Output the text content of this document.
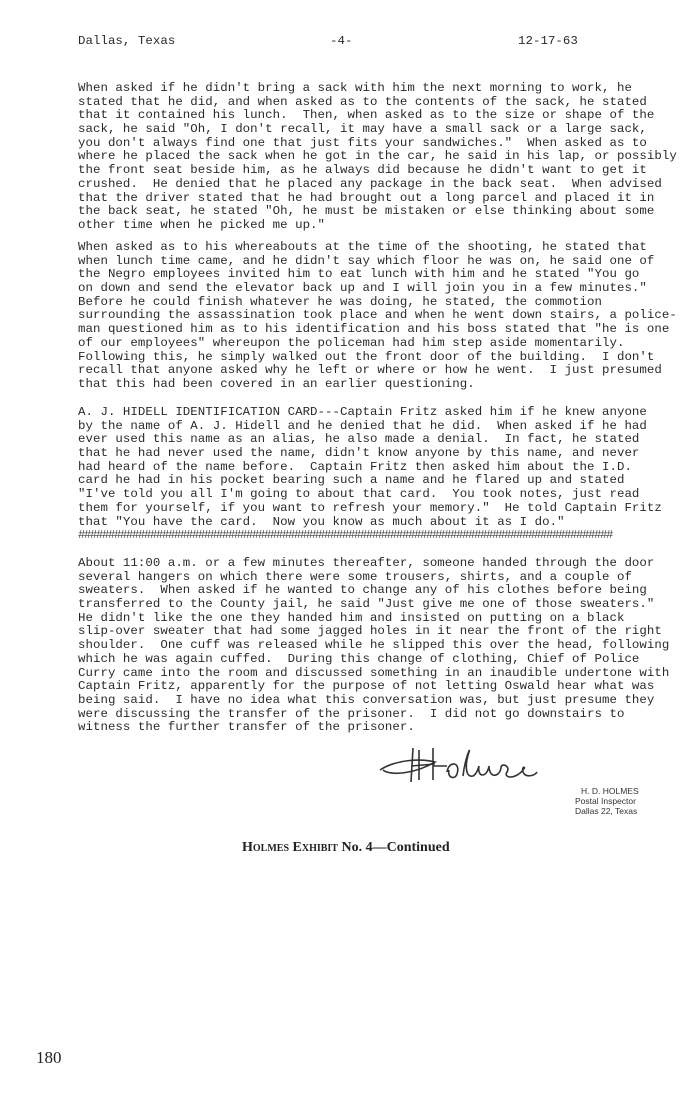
Dallas, Texas	-4-	12-17-63
When asked if he didn't bring a sack with him the next morning to work, he
stated that he did, and when asked as to the contents of the sack, he stated
that it contained his lunch.  Then, when asked as to the size or shape of the
sack, he said "Oh, I don't recall, it may have a small sack or a large sack,
you don't always find one that just fits your sandwiches."  When asked as to
where he placed the sack when he got in the car, he said in his lap, or possibly
the front seat beside him, as he always did because he didn't want to get it
crushed.  He denied that he placed any package in the back seat.  When advised
that the driver stated that he had brought out a long parcel and placed it in
the back seat, he stated "Oh, he must be mistaken or else thinking about some
other time when he picked me up."
When asked as to his whereabouts at the time of the shooting, he stated that
when lunch time came, and he didn't say which floor he was on, he said one of
the Negro employees invited him to eat lunch with him and he stated "You go
on down and send the elevator back up and I will join you in a few minutes."
Before he could finish whatever he was doing, he stated, the commotion
surrounding the assassination took place and when he went down stairs, a police-
man questioned him as to his identification and his boss stated that "he is one
of our employees" whereupon the policeman had him step aside momentarily.
Following this, he simply walked out the front door of the building.  I don't
recall that anyone asked why he left or where or how he went.  I just presumed
that this had been covered in an earlier questioning.
A. J. HIDELL IDENTIFICATION CARD---Captain Fritz asked him if he knew anyone
by the name of A. J. Hidell and he denied that he did.  When asked if he had
ever used this name as an alias, he also made a denial.  In fact, he stated
that he had never used the name, didn't know anyone by this name, and never
had heard of the name before.  Captain Fritz then asked him about the I.D.
card he had in his pocket bearing such a name and he flared up and stated
"I've told you all I'm going to about that card.  You took notes, just read
them for yourself, if you want to refresh your memory."  He told Captain Fritz
that "You have the card.  Now you know as much about it as I do."
#########################################################################################
About 11:00 a.m. or a few minutes thereafter, someone handed through the door
several hangers on which there were some trousers, shirts, and a couple of
sweaters.  When asked if he wanted to change any of his clothes before being
transferred to the County jail, he said "Just give me one of those sweaters."
He didn't like the one they handed him and insisted on putting on a black
slip-over sweater that had some jagged holes in it near the front of the right
shoulder.  One cuff was released while he slipped this over the head, following
which he was again cuffed.  During this change of clothing, Chief of Police
Curry came into the room and discussed something in an inaudible undertone with
Captain Fritz, apparently for the purpose of not letting Oswald hear what was
being said.  I have no idea what this conversation was, but just presume they
were discussing the transfer of the prisoner.  I did not go downstairs to
witness the further transfer of the prisoner.
H. D. HOLMES
Postal Inspector
Dallas 22, Texas
Holmes Exhibit No. 4—Continued
180
